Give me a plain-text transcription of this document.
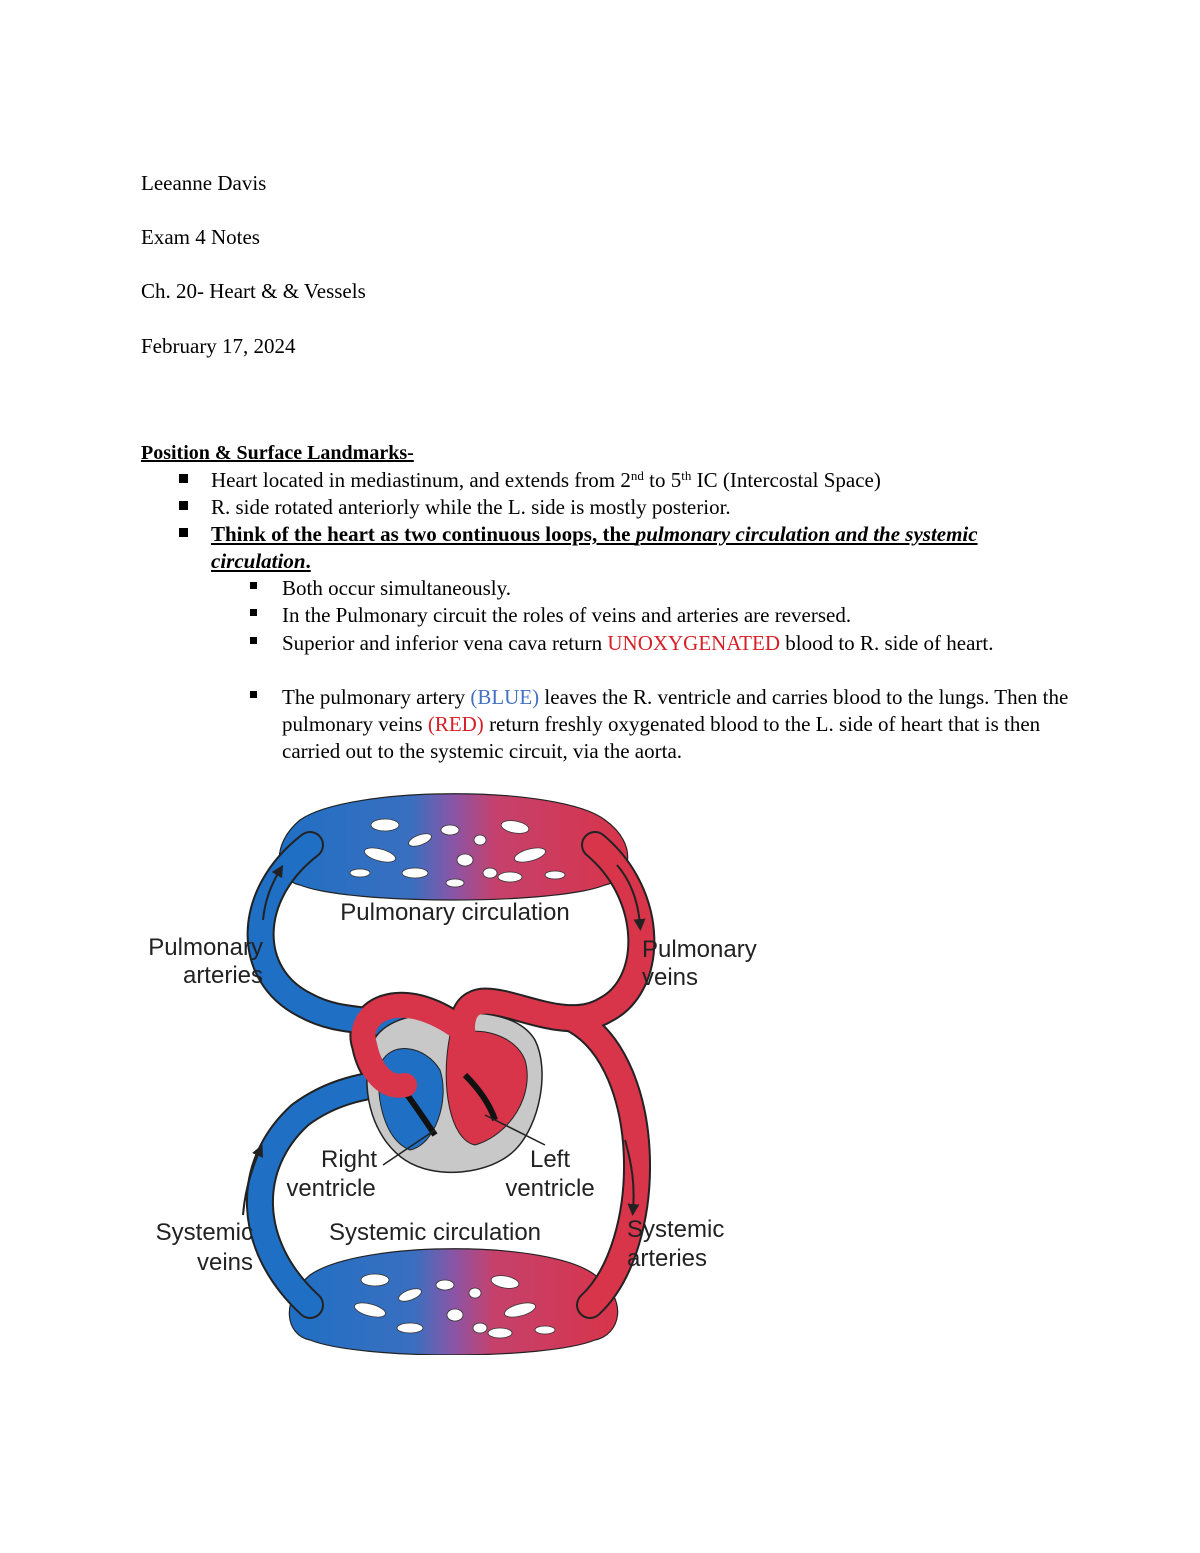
Leeanne Davis
Exam 4 Notes
Ch. 20- Heart & & Vessels
February 17, 2024
Position & Surface Landmarks-
Heart located in mediastinum, and extends from 2nd to 5th IC (Intercostal Space)
R. side rotated anteriorly while the L. side is mostly posterior.
Think of the heart as two continuous loops, the pulmonary circulation and the systemic circulation.
Both occur simultaneously.
In the Pulmonary circuit the roles of veins and arteries are reversed.
Superior and inferior vena cava return UNOXYGENATED blood to R. side of heart.
The pulmonary artery (BLUE) leaves the R. ventricle and carries blood to the lungs. Then the pulmonary veins (RED) return freshly oxygenated blood to the L. side of heart that is then carried out to the systemic circuit, via the aorta.
Pulmonary circulation
Pulmonary
arteries
Pulmonary
veins
Right
ventricle
Left
ventricle
Systemic
veins
Systemic
arteries
Systemic circulation
